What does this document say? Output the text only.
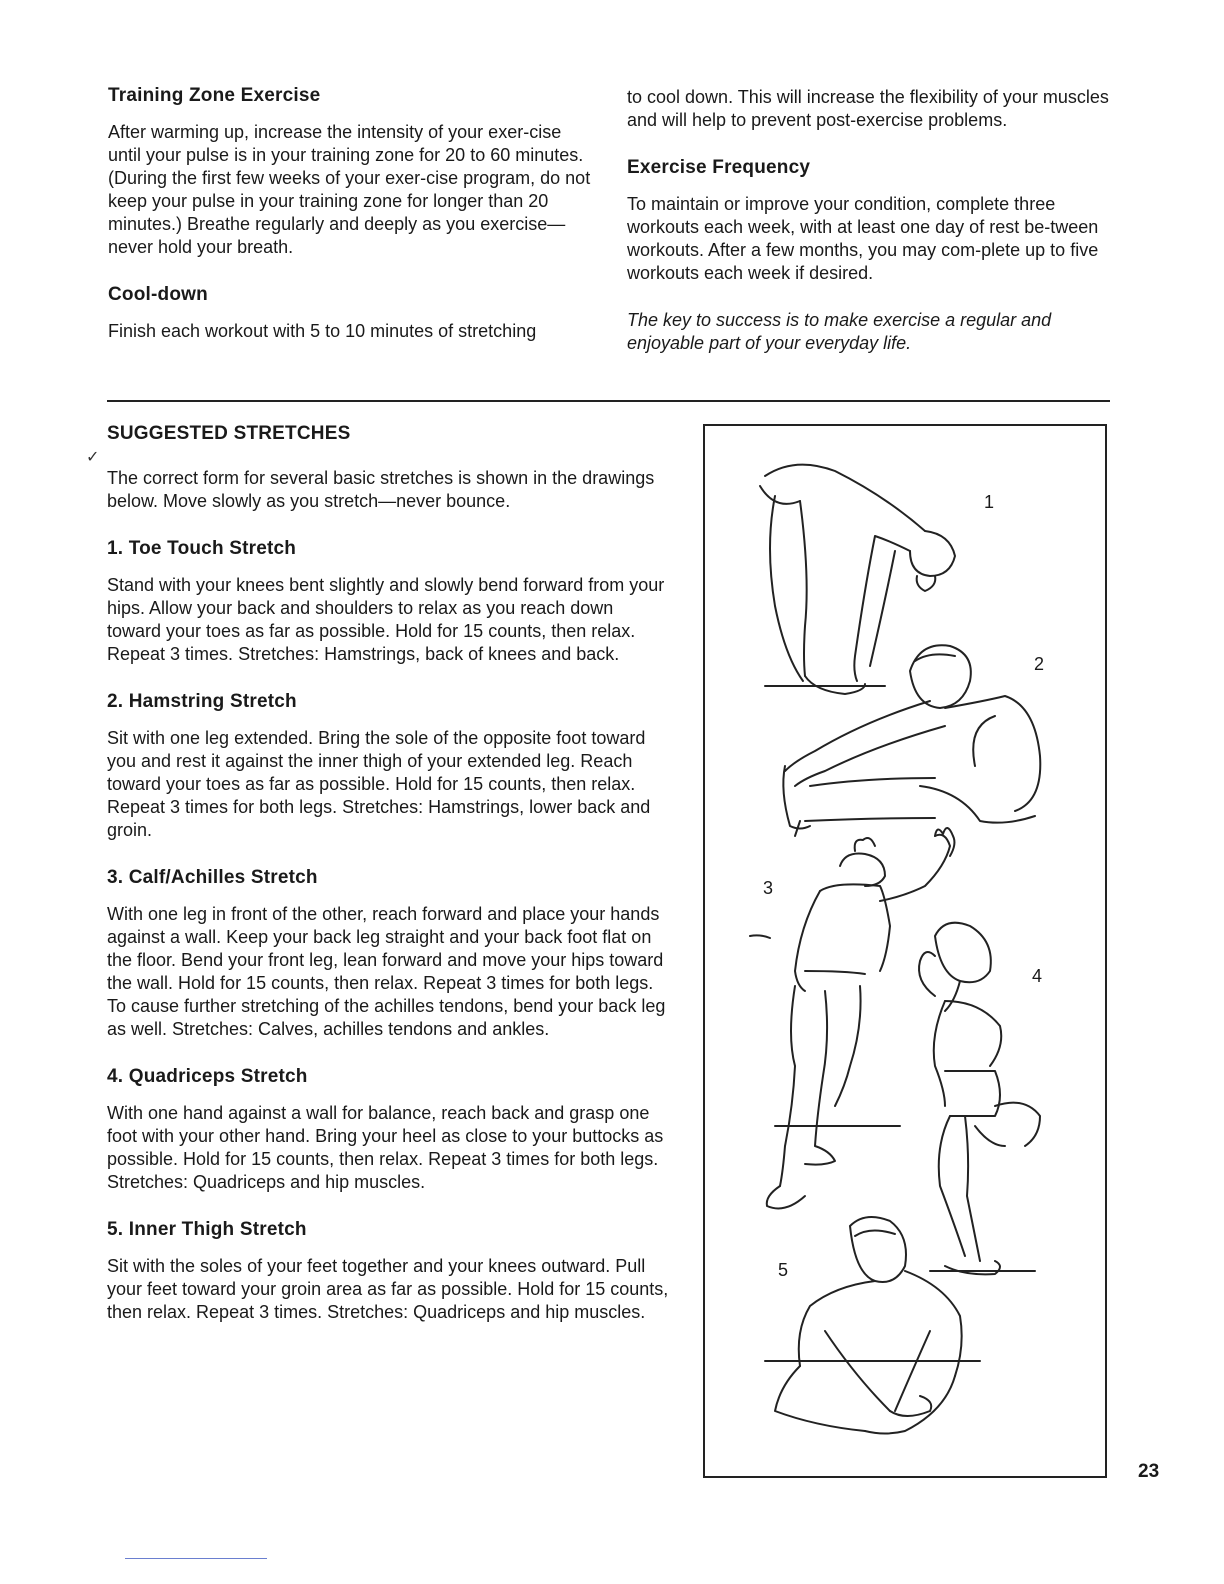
Training Zone Exercise

After warming up, increase the intensity of your exer-cise until your pulse is in your training zone for 20 to 60 minutes. (During the first few weeks of your exer-cise program, do not keep your pulse in your training zone for longer than 20 minutes.) Breathe regularly and deeply as you exercise—never hold your breath.

Cool-down

Finish each workout with 5 to 10 minutes of stretching

to cool down. This will increase the flexibility of your muscles and will help to prevent post-exercise problems.

Exercise Frequency

To maintain or improve your condition, complete three workouts each week, with at least one day of rest be-tween workouts. After a few months, you may com-plete up to five workouts each week if desired.

The key to success is to make exercise a regular and enjoyable part of your everyday life.

SUGGESTED STRETCHES

The correct form for several basic stretches is shown in the drawings below. Move slowly as you stretch—never bounce.

1. Toe Touch Stretch

Stand with your knees bent slightly and slowly bend forward from your hips. Allow your back and shoulders to relax as you reach down toward your toes as far as possible. Hold for 15 counts, then relax. Repeat 3 times. Stretches: Hamstrings, back of knees and back.

2. Hamstring Stretch

Sit with one leg extended. Bring the sole of the opposite foot toward you and rest it against the inner thigh of your extended leg. Reach toward your toes as far as possible. Hold for 15 counts, then relax. Repeat 3 times for both legs. Stretches: Hamstrings, lower back and groin.

3. Calf/Achilles Stretch

With one leg in front of the other, reach forward and place your hands against a wall. Keep your back leg straight and your back foot flat on the floor. Bend your front leg, lean forward and move your hips toward the wall. Hold for 15 counts, then relax. Repeat 3 times for both legs. To cause further stretching of the achilles tendons, bend your back leg as well. Stretches: Calves, achilles tendons and ankles.

4. Quadriceps Stretch

With one hand against a wall for balance, reach back and grasp one foot with your other hand. Bring your heel as close to your buttocks as possible. Hold for 15 counts, then relax. Repeat 3 times for both legs. Stretches: Quadriceps and hip muscles.

5. Inner Thigh Stretch

Sit with the soles of your feet together and your knees outward. Pull your feet toward your groin area as far as possible. Hold for 15 counts, then relax. Repeat 3 times. Stretches: Quadriceps and hip muscles.

1
2
3
4
5
✓
23
